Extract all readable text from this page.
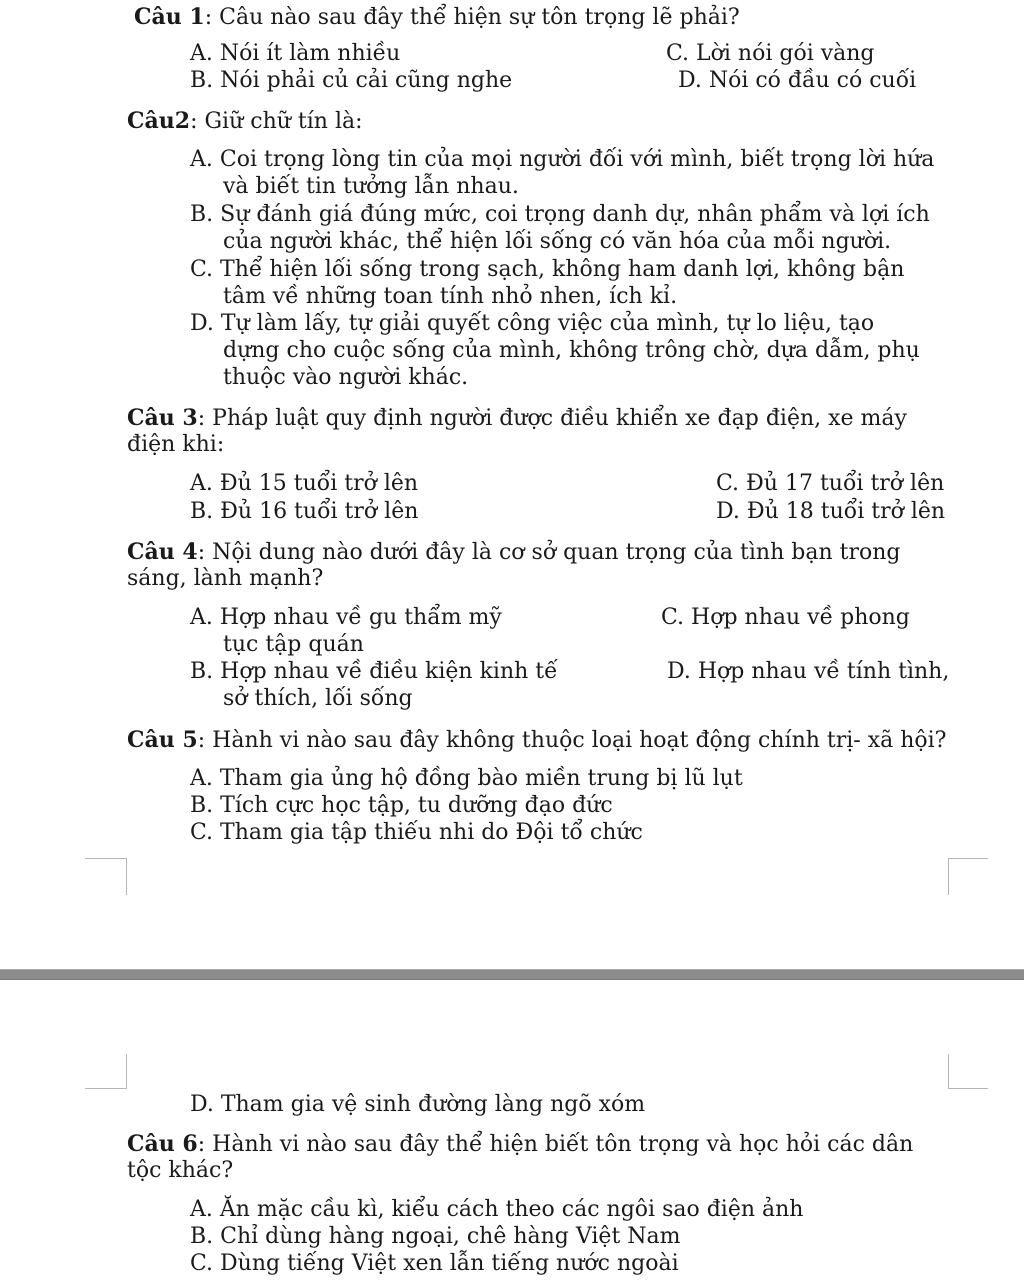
Câu 1: Câu nào sau đây thể hiện sự tôn trọng lẽ phải?
A. Nói ít làm nhiều	C. Lời nói gói vàng
B. Nói phải củ cải cũng nghe	D. Nói có đầu có cuối
Câu2: Giữ chữ tín là:
A. Coi trọng lòng tin của mọi người đối với mình, biết trọng lời hứa
và biết tin tưởng lẫn nhau.
B. Sự đánh giá đúng mức, coi trọng danh dự, nhân phẩm và lợi ích
của người khác, thể hiện lối sống có văn hóa của mỗi người.
C. Thể hiện lối sống trong sạch, không ham danh lợi, không bận
tâm về những toan tính nhỏ nhen, ích kỉ.
D. Tự làm lấy, tự giải quyết công việc của mình, tự lo liệu, tạo
dựng cho cuộc sống của mình, không trông chờ, dựa dẫm, phụ
thuộc vào người khác.
Câu 3: Pháp luật quy định người được điều khiển xe đạp điện, xe máy
điện khi:
A. Đủ 15 tuổi trở lên	C. Đủ 17 tuổi trở lên
B. Đủ 16 tuổi trở lên	D. Đủ 18 tuổi trở lên
Câu 4: Nội dung nào dưới đây là cơ sở quan trọng của tình bạn trong
sáng, lành mạnh?
A. Hợp nhau về gu thẩm mỹ	C. Hợp nhau về phong
tục tập quán
B. Hợp nhau về điều kiện kinh tế	D. Hợp nhau về tính tình,
sở thích, lối sống
Câu 5: Hành vi nào sau đây không thuộc loại hoạt động chính trị- xã hội?
A. Tham gia ủng hộ đồng bào miền trung bị lũ lụt
B. Tích cực học tập, tu dưỡng đạo đức
C. Tham gia tập thiếu nhi do Đội tổ chức
D. Tham gia vệ sinh đường làng ngõ xóm
Câu 6: Hành vi nào sau đây thể hiện biết tôn trọng và học hỏi các dân
tộc khác?
A. Ăn mặc cầu kì, kiểu cách theo các ngôi sao điện ảnh
B. Chỉ dùng hàng ngoại, chê hàng Việt Nam
C. Dùng tiếng Việt xen lẫn tiếng nước ngoài
